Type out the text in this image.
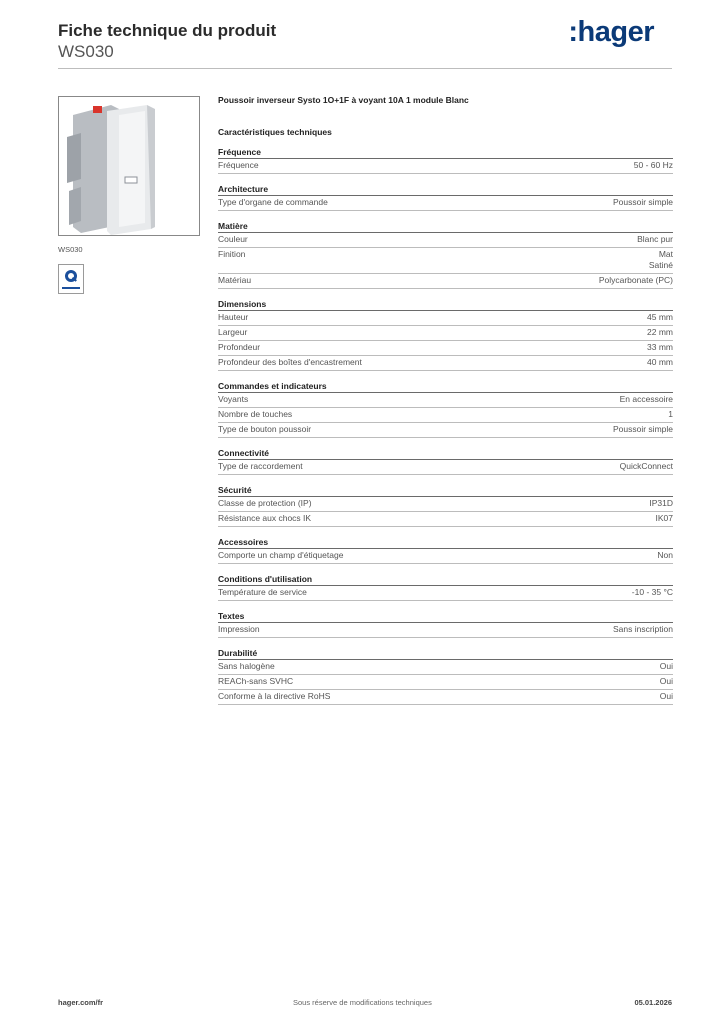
Fiche technique du produit
WS030
:hager
WS030
Poussoir inverseur Systo 1O+1F à voyant 10A 1 module Blanc
Caractéristiques techniques
Fréquence
Fréquence	50 - 60 Hz
Architecture
Type d'organe de commande	Poussoir simple
Matière
Couleur	Blanc pur
Finition	Mat
Satiné
Matériau	Polycarbonate (PC)
Dimensions
Hauteur	45 mm
Largeur	22 mm
Profondeur	33 mm
Profondeur des boîtes d'encastrement	40 mm
Commandes et indicateurs
Voyants	En accessoire
Nombre de touches	1
Type de bouton poussoir	Poussoir simple
Connectivité
Type de raccordement	QuickConnect
Sécurité
Classe de protection (IP)	IP31D
Résistance aux chocs IK	IK07
Accessoires
Comporte un champ d'étiquetage	Non
Conditions d'utilisation
Température de service	-10 - 35 °C
Textes
Impression	Sans inscription
Durabilité
Sans halogène	Oui
REACh-sans SVHC	Oui
Conforme à la directive RoHS	Oui
hager.com/fr	Sous réserve de modifications techniques	05.01.2026
